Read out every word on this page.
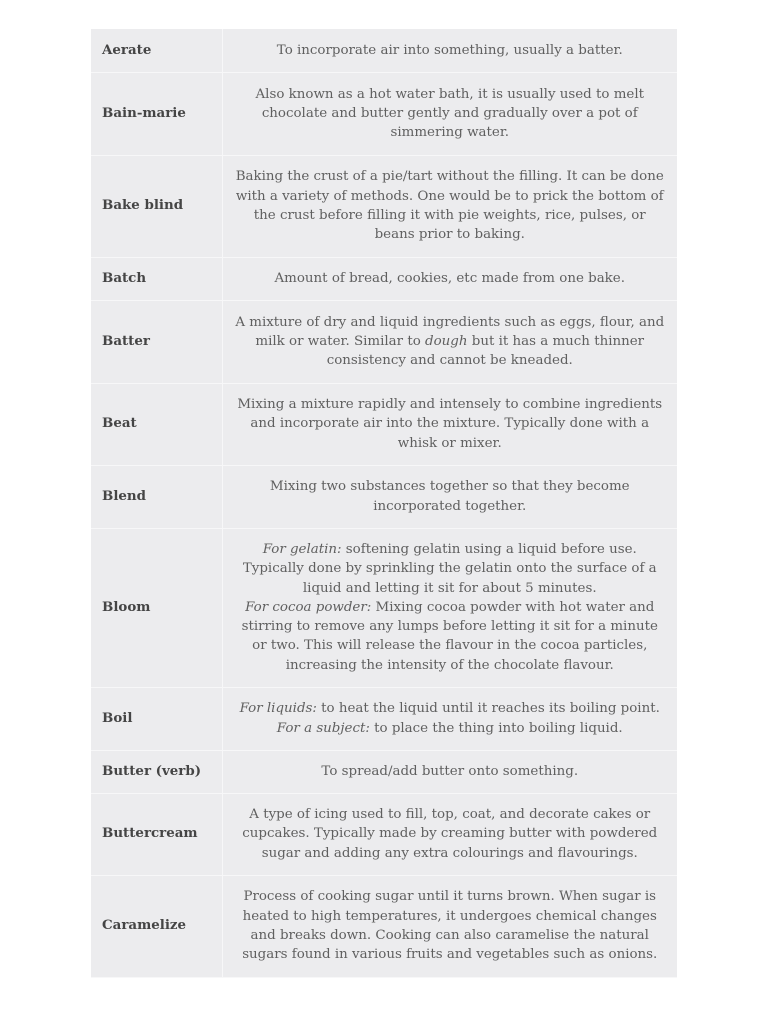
Aerate	To incorporate air into something, usually a batter.
Bain-marie	Also known as a hot water bath, it is usually used to melt chocolate and butter gently and gradually over a pot of simmering water.
Bake blind	Baking the crust of a pie/tart without the filling. It can be done with a variety of methods. One would be to prick the bottom of the crust before filling it with pie weights, rice, pulses, or beans prior to baking.
Batch	Amount of bread, cookies, etc made from one bake.
Batter	A mixture of dry and liquid ingredients such as eggs, flour, and milk or water. Similar to dough but it has a much thinner consistency and cannot be kneaded.
Beat	Mixing a mixture rapidly and intensely to combine ingredients and incorporate air into the mixture. Typically done with a whisk or mixer.
Blend	Mixing two substances together so that they become incorporated together.
Bloom	For gelatin: softening gelatin using a liquid before use. Typically done by sprinkling the gelatin onto the surface of a liquid and letting it sit for about 5 minutes.
For cocoa powder: Mixing cocoa powder with hot water and stirring to remove any lumps before letting it sit for a minute or two. This will release the flavour in the cocoa particles, increasing the intensity of the chocolate flavour.
Boil	For liquids: to heat the liquid until it reaches its boiling point.
For a subject: to place the thing into boiling liquid.
Butter (verb)	To spread/add butter onto something.
Buttercream	A type of icing used to fill, top, coat, and decorate cakes or cupcakes. Typically made by creaming butter with powdered sugar and adding any extra colourings and flavourings.
Caramelize	Process of cooking sugar until it turns brown. When sugar is heated to high temperatures, it undergoes chemical changes and breaks down. Cooking can also caramelise the natural sugars found in various fruits and vegetables such as onions.
